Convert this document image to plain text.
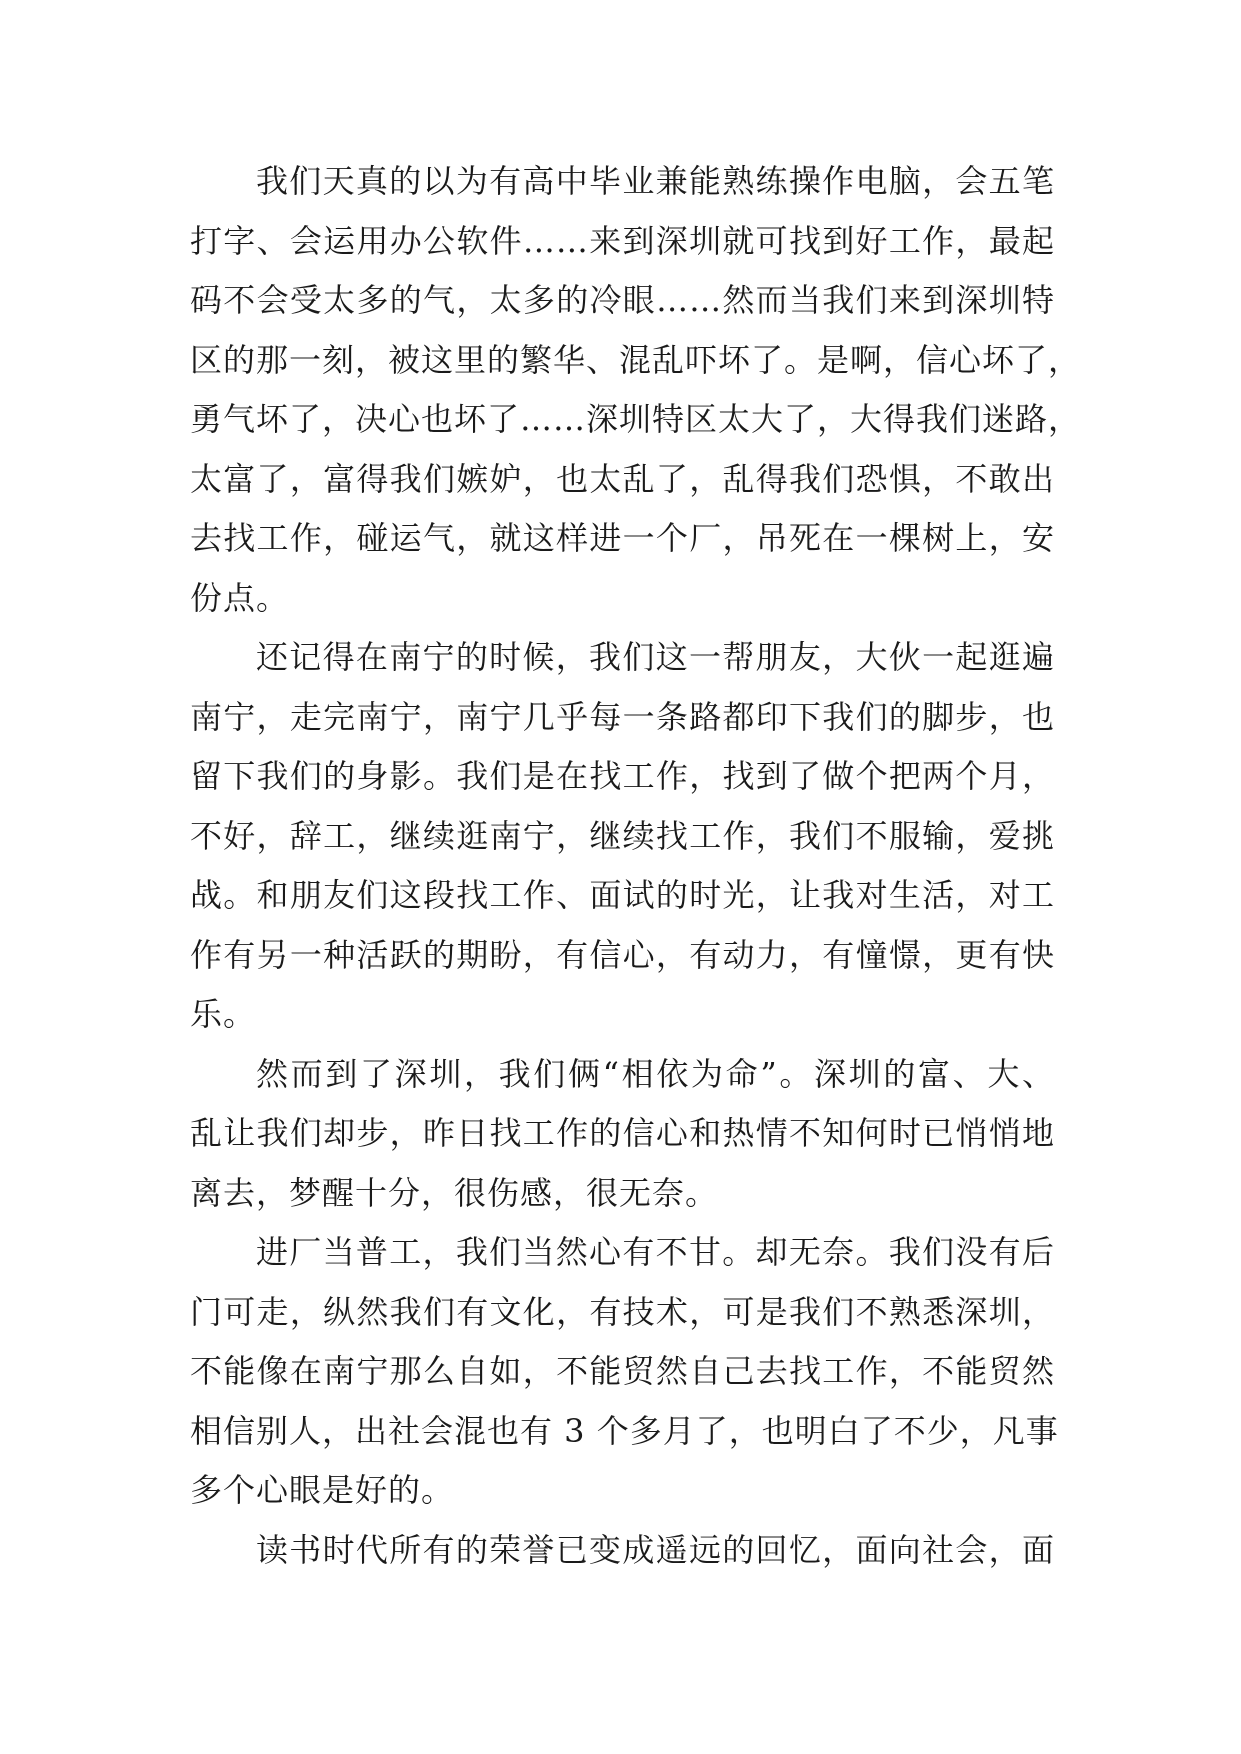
我们天真的以为有高中毕业兼能熟练操作电脑，会五笔
打字、会运用办公软件……来到深圳就可找到好工作，最起
码不会受太多的气，太多的冷眼……然而当我们来到深圳特
区的那一刻，被这里的繁华、混乱吓坏了。是啊，信心坏了，
勇气坏了，决心也坏了……深圳特区太大了，大得我们迷路，
太富了，富得我们嫉妒，也太乱了，乱得我们恐惧，不敢出
去找工作，碰运气，就这样进一个厂，吊死在一棵树上，安
份点。
还记得在南宁的时候，我们这一帮朋友，大伙一起逛遍
南宁，走完南宁，南宁几乎每一条路都印下我们的脚步，也
留下我们的身影。我们是在找工作，找到了做个把两个月，
不好，辞工，继续逛南宁，继续找工作，我们不服输，爱挑
战。和朋友们这段找工作、面试的时光，让我对生活，对工
作有另一种活跃的期盼，有信心，有动力，有憧憬，更有快
乐。
然而到了深圳，我们俩“相依为命”。深圳的富、大、
乱让我们却步，昨日找工作的信心和热情不知何时已悄悄地
离去，梦醒十分，很伤感，很无奈。
进厂当普工，我们当然心有不甘。却无奈。我们没有后
门可走，纵然我们有文化，有技术，可是我们不熟悉深圳，
不能像在南宁那么自如，不能贸然自己去找工作，不能贸然
相信别人，出社会混也有 3 个多月了，也明白了不少，凡事
多个心眼是好的。
读书时代所有的荣誉已变成遥远的回忆，面向社会，面
